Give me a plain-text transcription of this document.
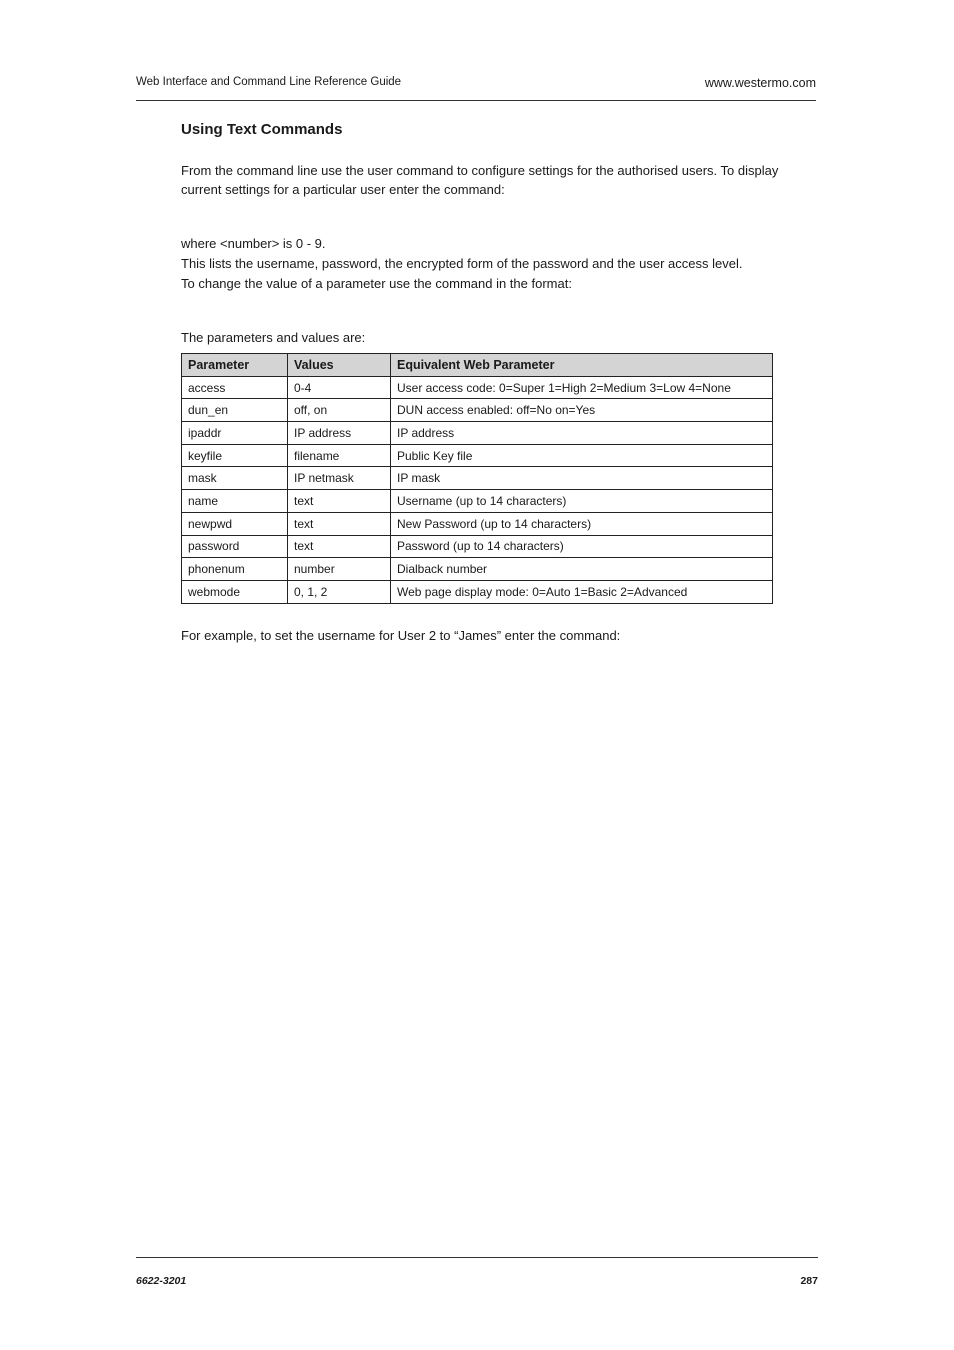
Web Interface and Command Line Reference Guide	www.westermo.com
Using Text Commands

From the command line use the user command to configure settings for the authorised users. To display current settings for a particular user enter the command:

where <number> is 0 - 9.

This lists the username, password, the encrypted form of the password and the user access level.

To change the value of a parameter use the command in the format:

The parameters and values are:

Parameter	Values	Equivalent Web Parameter
access	0-4	User access code: 0=Super 1=High 2=Medium 3=Low 4=None
dun_en	off, on	DUN access enabled: off=No on=Yes
ipaddr	IP address	IP address
keyfile	filename	Public Key file
mask	IP netmask	IP mask
name	text	Username (up to 14 characters)
newpwd	text	New Password (up to 14 characters)
password	text	Password (up to 14 characters)
phonenum	number	Dialback number
webmode	0, 1, 2	Web page display mode: 0=Auto 1=Basic 2=Advanced

For example, to set the username for User 2 to “James” enter the command:

6622-3201	287
